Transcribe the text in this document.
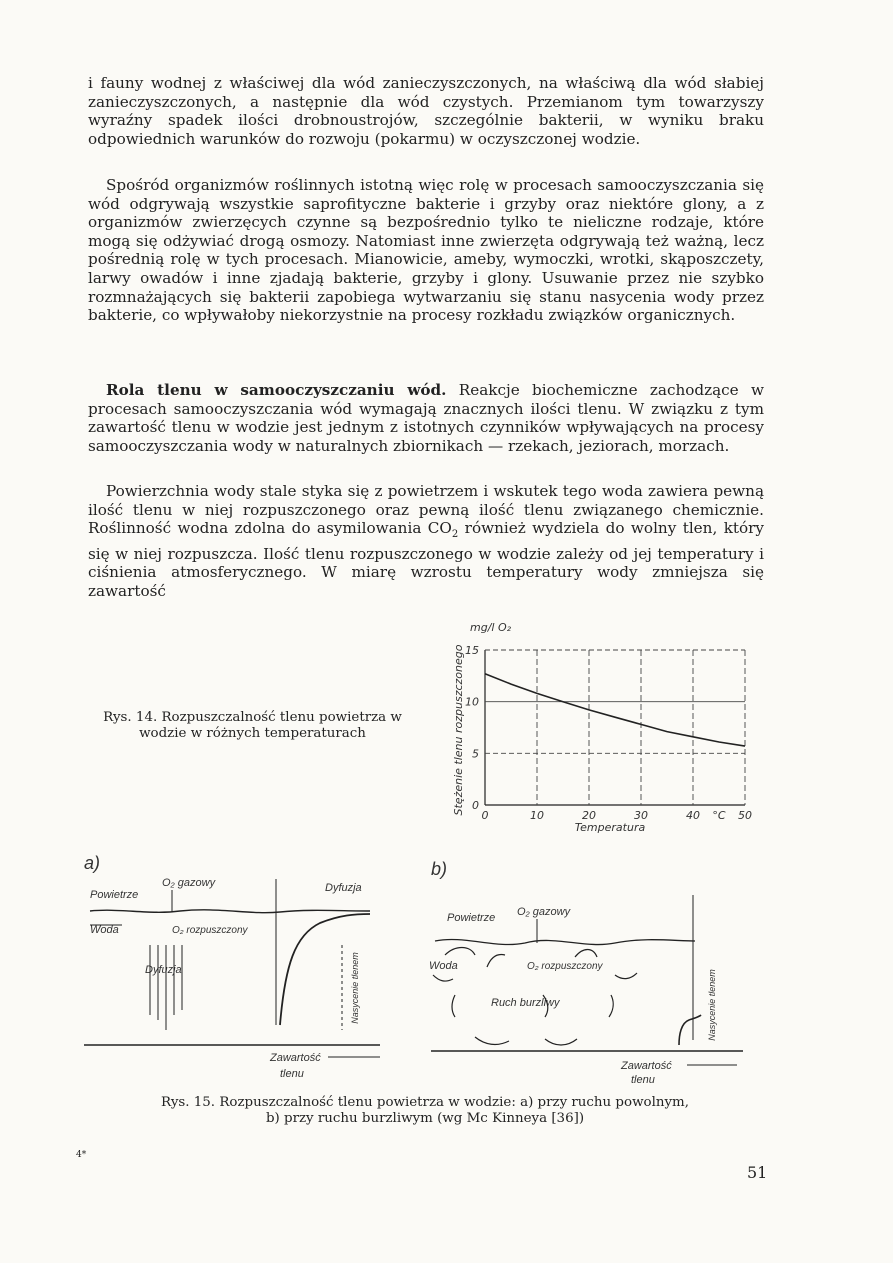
i fauny wodnej z właściwej dla wód zanieczyszczonych, na właściwą dla wód słabiej zanieczyszczonych, a następnie dla wód czystych. Przemianom tym towarzyszy wyraźny spadek ilości drobnoustrojów, szczególnie bakterii, w wyniku braku odpowiednich warunków do rozwoju (pokarmu) w oczyszczonej wodzie.

Spośród organizmów roślinnych istotną więc rolę w procesach samooczyszczania się wód odgrywają wszystkie saprofityczne bakterie i grzyby oraz niektóre glony, a z organizmów zwierzęcych czynne są bezpośrednio tylko te nieliczne rodzaje, które mogą się odżywiać drogą osmozy. Natomiast inne zwierzęta odgrywają też ważną, lecz pośrednią rolę w tych procesach. Mianowicie, ameby, wymoczki, wrotki, skąposzczety, larwy owadów i inne zjadają bakterie, grzyby i glony. Usuwanie przez nie szybko rozmnażających się bakterii zapobiega wytwarzaniu się stanu nasycenia wody przez bakterie, co wpływałoby niekorzystnie na procesy rozkładu związków organicznych.

Rola tlenu w samooczyszczaniu wód. Reakcje biochemiczne zachodzące w procesach samooczyszczania wód wymagają znacznych ilości tlenu. W związku z tym zawartość tlenu w wodzie jest jednym z istotnych czynników wpływających na procesy samooczyszczania wody w naturalnych zbiornikach — rzekach, jeziorach, morzach.

Powierzchnia wody stale styka się z powietrzem i wskutek tego woda zawiera pewną ilość tlenu w niej rozpuszczonego oraz pewną ilość tlenu związanego chemicznie. Roślinność wodna zdolna do asymilowania $CO_2$ również wydziela do wolny tlen, który się w niej rozpuszcza. Ilość tlenu rozpuszczonego w wodzie zależy od jej temperatury i ciśnienia atmosferycznego. W miarę wzrostu temperatury wody zmniejsza się zawartość

Rys. 14. Rozpuszczalność tlenu powietrza w wodzie w różnych temperaturach
mg/l O₂
Stężenie tlenu rozpuszczonego
Temperatura
0
5
10
15
0	10	20	30	40 °C 50
a)
O₂ gazowy
Powietrze
Woda	O₂ rozpuszczony
Dyfuzja
Dyfuzja
Nasycenie tlenem
Zawartość
tlenu
b)
O₂ gazowy
Powietrze
Woda	O₂ rozpuszczony
Ruch burzliwy	Nasycenie tlenem
Zawartość
tlenu
Rys. 15. Rozpuszczalność tlenu powietrza w wodzie: a) przy ruchu powolnym,
b) przy ruchu burzliwym (wg Mc Kinneya [36])
4*
51
